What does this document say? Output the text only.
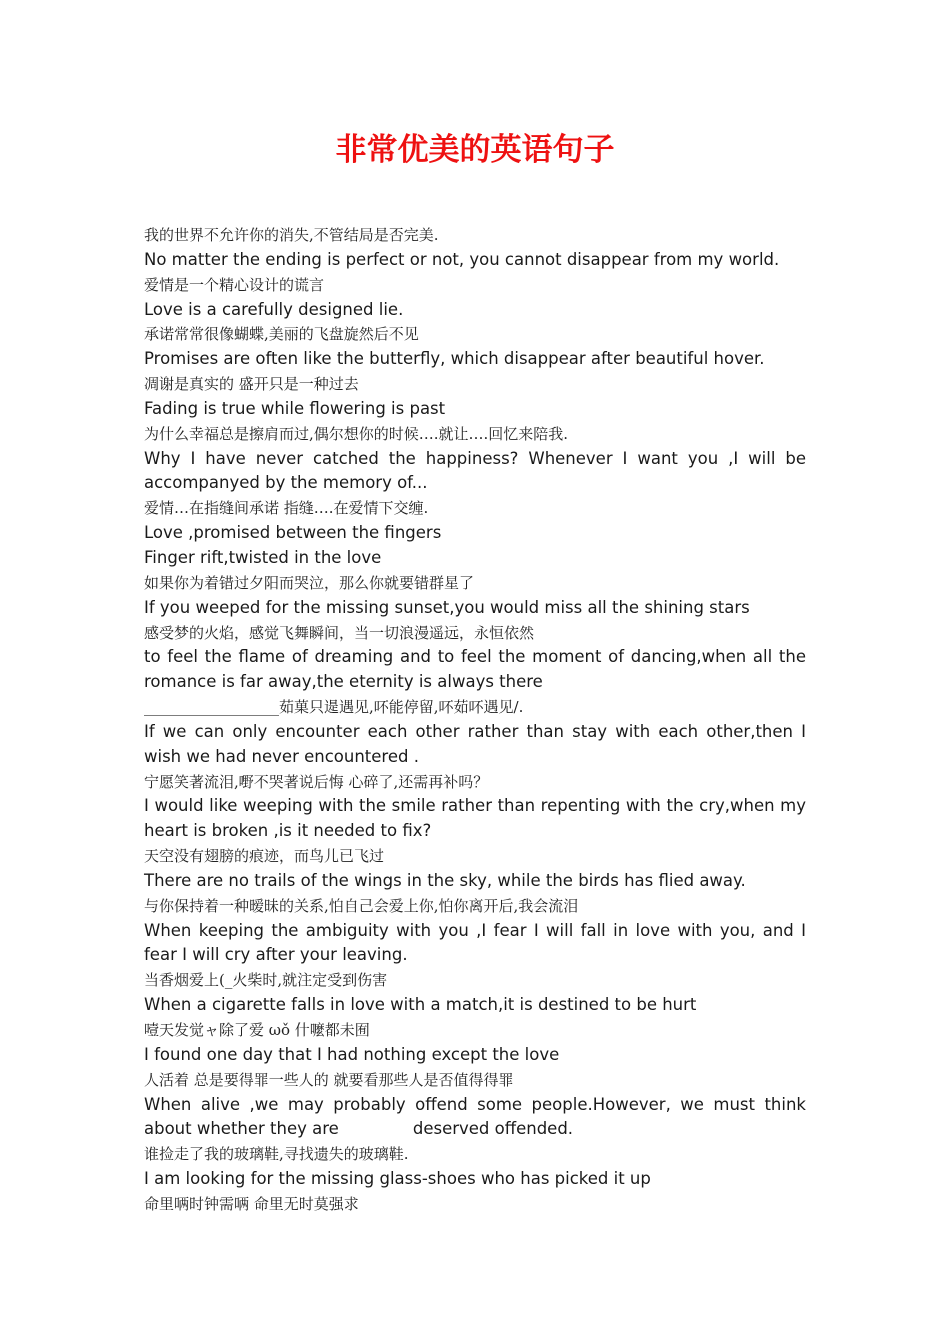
非常优美的英语句子

我的世界不允许你的消失,不管结局是否完美.

No matter the ending is perfect or not, you cannot disappear from my world.

爱情是一个精心设计的谎言

Love is a carefully designed lie.

承诺常常很像蝴蝶,美丽的飞盘旋然后不见

Promises are often like the butterfly, which disappear after beautiful hover.

凋谢是真实的 盛开只是一种过去

Fading is true while flowering is past

为什么幸福总是擦肩而过,偶尔想你的时候….就让….回忆来陪我.

Why I have never catched the happiness? Whenever I want you ,I will be accompanyed by the memory of...

爱情…在指缝间承诺 指缝….在爱情下交缠.

Love ,promised between the fingers

Finger rift,twisted in the love

如果你为着错过夕阳而哭泣，那么你就要错群星了

If you weeped for the missing sunset,you would miss all the shining stars

感受梦的火焰，感觉飞舞瞬间，当一切浪漫遥远，永恒依然

to feel the flame of dreaming and to feel the moment of dancing,when all the romance is far away,the eternity is always there

__________________茹菓只遈遇见,吥能停留,吥茹吥遇见/.

If we can only encounter each other rather than stay with each other,then I wish we had never encountered .

宁愿笑著流泪,嘢不哭著说后悔 心碎了,还需再补吗？

I would like weeping with the smile rather than repenting with the cry,when my heart is broken ,is it needed to fix?

天空没有翅膀的痕迹，而鸟儿已飞过

There are no trails of the wings in the sky, while the birds has flied away.

与你保持着一种暧昧的关系,怕自己会爱上你,怕你离开后,我会流泪

When keeping the ambiguity with you ,I fear I will fall in love with you, and I fear I will cry after your leaving.

当香烟爱上(_火柴时,就注定受到伤害

When a cigarette falls in love with a match,it is destined to be hurt

噎天发觉ャ除了爱 ωǒ 什嚒都未囿

I found one day that I had nothing except the love

人活着 总是要得罪一些人的 就要看那些人是否值得得罪

When alive ,we may probably offend some people.However, we must think about whether they are	deserved offended.

谁捡走了我的玻璃鞋,寻找遗失的玻璃鞋.

I am looking for the missing glass-shoes who has picked it up

命里唡时钟需唡 命里无时莫强求
